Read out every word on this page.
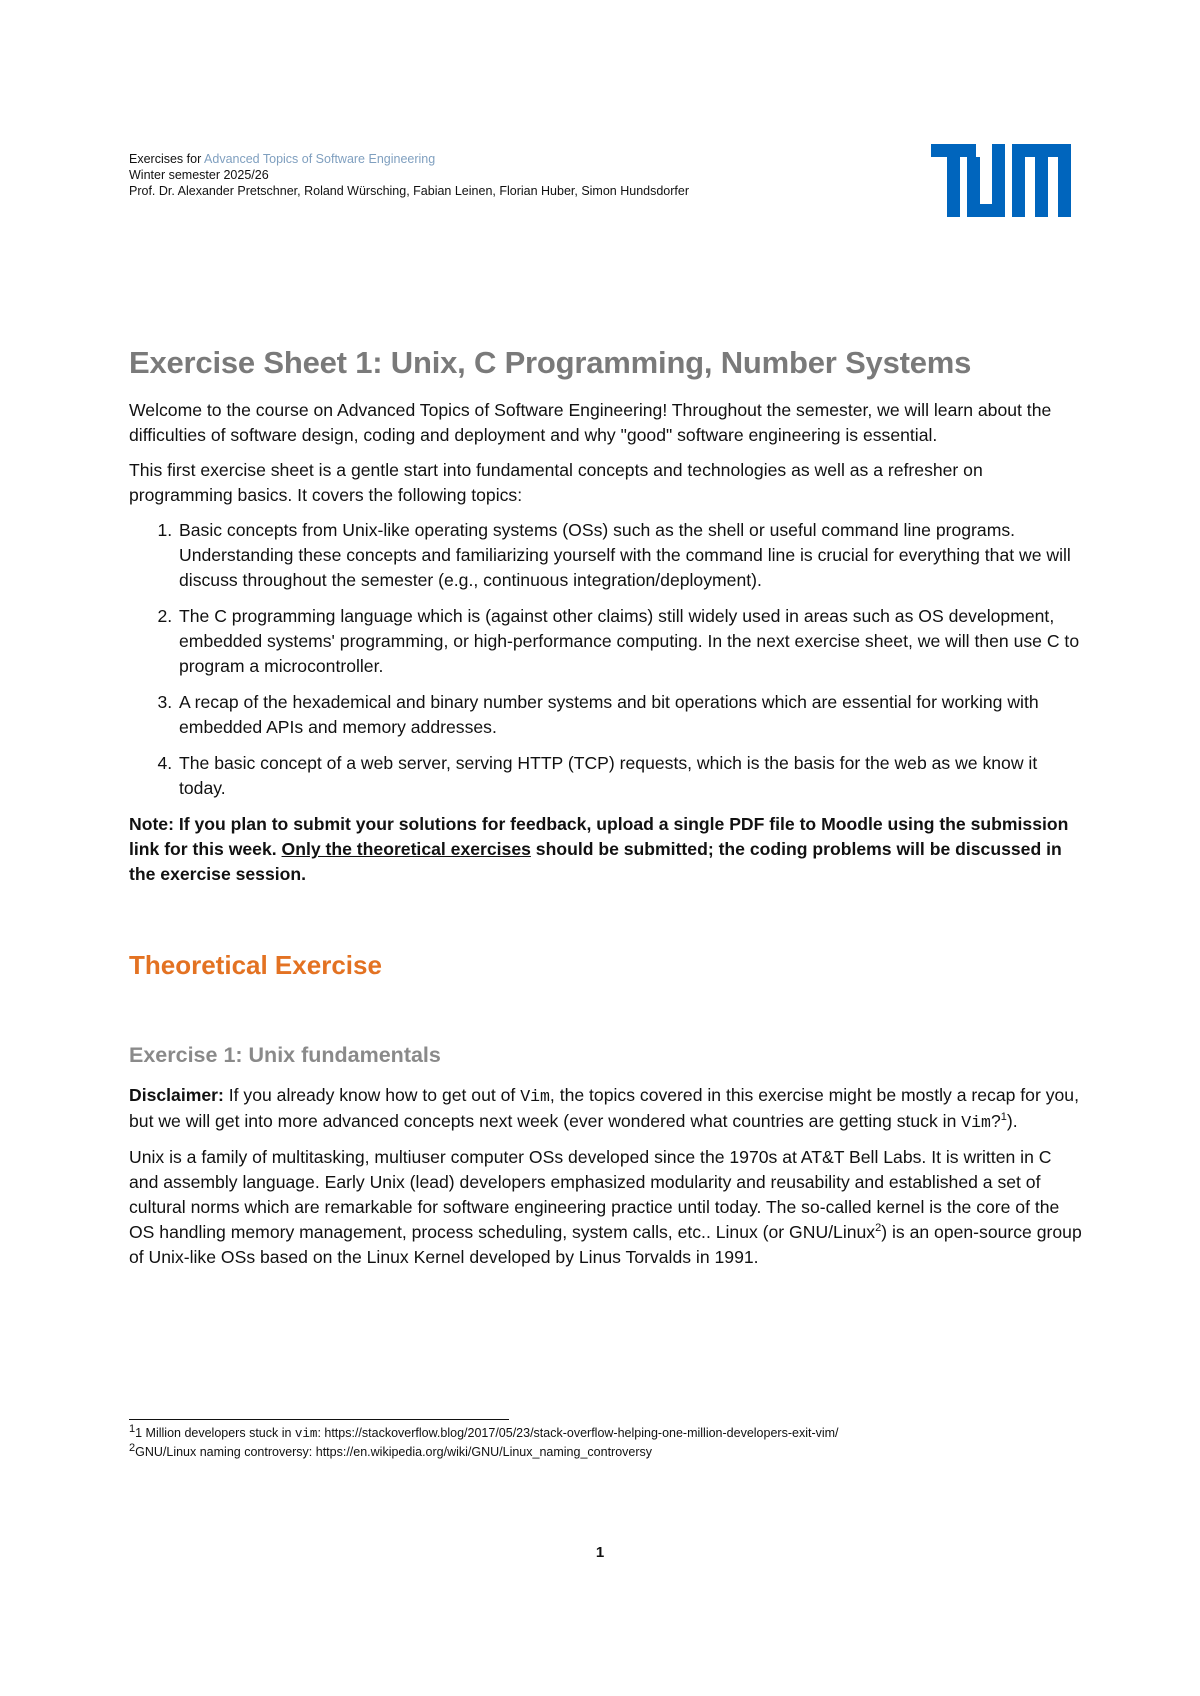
Exercises for Advanced Topics of Software Engineering
Winter semester 2025/26
Prof. Dr. Alexander Pretschner, Roland Würsching, Fabian Leinen, Florian Huber, Simon Hundsdorfer
Exercise Sheet 1: Unix, C Programming, Number Systems

Welcome to the course on Advanced Topics of Software Engineering! Throughout the semester, we will learn about the difficulties of software design, coding and deployment and why "good" software engineering is essential.

This first exercise sheet is a gentle start into fundamental concepts and technologies as well as a refresher on programming basics. It covers the following topics:

1. Basic concepts from Unix-like operating systems (OSs) such as the shell or useful command line programs. Understanding these concepts and familiarizing yourself with the command line is crucial for everything that we will discuss throughout the semester (e.g., continuous integration/deployment).
2. The C programming language which is (against other claims) still widely used in areas such as OS development, embedded systems' programming, or high-performance computing. In the next exercise sheet, we will then use C to program a microcontroller.
3. A recap of the hexademical and binary number systems and bit operations which are essential for working with embedded APIs and memory addresses.
4. The basic concept of a web server, serving HTTP (TCP) requests, which is the basis for the web as we know it today.

Note: If you plan to submit your solutions for feedback, upload a single PDF file to Moodle using the submission link for this week. Only the theoretical exercises should be submitted; the coding problems will be discussed in the exercise session.

Theoretical Exercise
Exercise 1: Unix fundamentals

Disclaimer: If you already know how to get out of Vim, the topics covered in this exercise might be mostly a recap for you, but we will get into more advanced concepts next week (ever wondered what countries are getting stuck in Vim?$^1$).

Unix is a family of multitasking, multiuser computer OSs developed since the 1970s at AT&T Bell Labs. It is written in C and assembly language. Early Unix (lead) developers emphasized modularity and reusability and established a set of cultural norms which are remarkable for software engineering practice until today. The so-called kernel is the core of the OS handling memory management, process scheduling, system calls, etc.. Linux (or GNU/Linux$^2$) is an open-source group of Unix-like OSs based on the Linux Kernel developed by Linus Torvalds in 1991.

$^1$1 Million developers stuck in vim: https://stackoverflow.blog/2017/05/23/stack-overflow-helping-one-million-developers-exit-vim/
$^2$GNU/Linux naming controversy: https://en.wikipedia.org/wiki/GNU/Linux_naming_controversy
1
